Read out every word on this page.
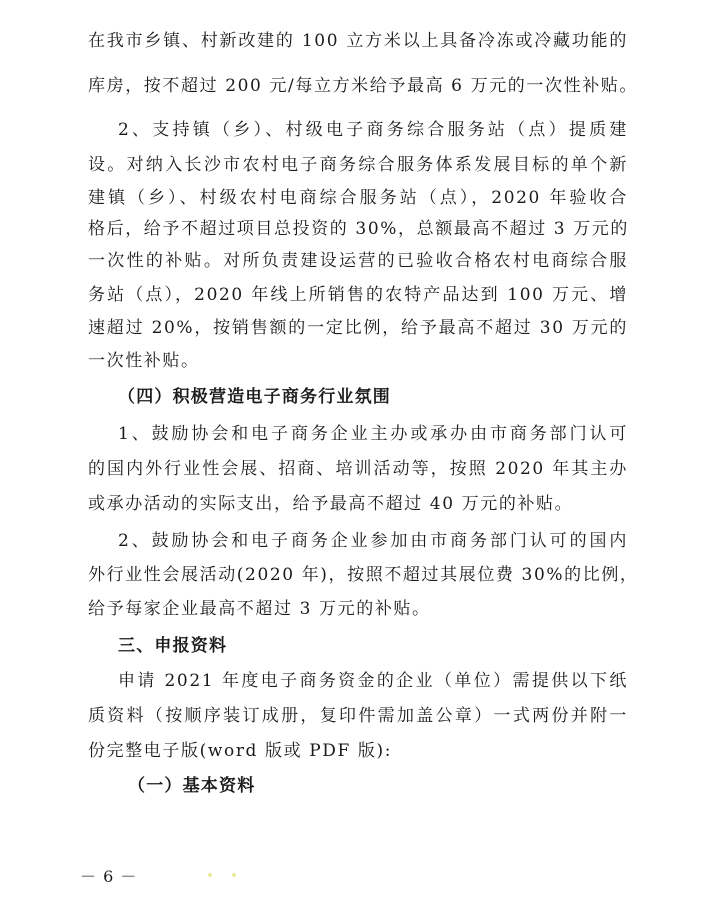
在我市乡镇、村新改建的 100 立方米以上具备冷冻或冷藏功能的
库房，按不超过 200 元/每立方米给予最高 6 万元的一次性补贴。
2、支持镇（乡）、村级电子商务综合服务站（点）提质建
设。对纳入长沙市农村电子商务综合服务体系发展目标的单个新
建镇（乡）、村级农村电商综合服务站（点），2020 年验收合
格后，给予不超过项目总投资的 30%，总额最高不超过 3 万元的
一次性的补贴。对所负责建设运营的已验收合格农村电商综合服
务站（点），2020 年线上所销售的农特产品达到 100 万元、增
速超过 20%，按销售额的一定比例，给予最高不超过 30 万元的
一次性补贴。
（四）积极营造电子商务行业氛围
1、鼓励协会和电子商务企业主办或承办由市商务部门认可
的国内外行业性会展、招商、培训活动等，按照 2020 年其主办
或承办活动的实际支出，给予最高不超过 40 万元的补贴。
2、鼓励协会和电子商务企业参加由市商务部门认可的国内
外行业性会展活动(2020 年)，按照不超过其展位费 30%的比例，
给予每家企业最高不超过 3 万元的补贴。
三、申报资料
申请 2021 年度电子商务资金的企业（单位）需提供以下纸
质资料（按顺序装订成册，复印件需加盖公章）一式两份并附一
份完整电子版(word 版或 PDF 版):
（一）基本资料
－ 6 －
